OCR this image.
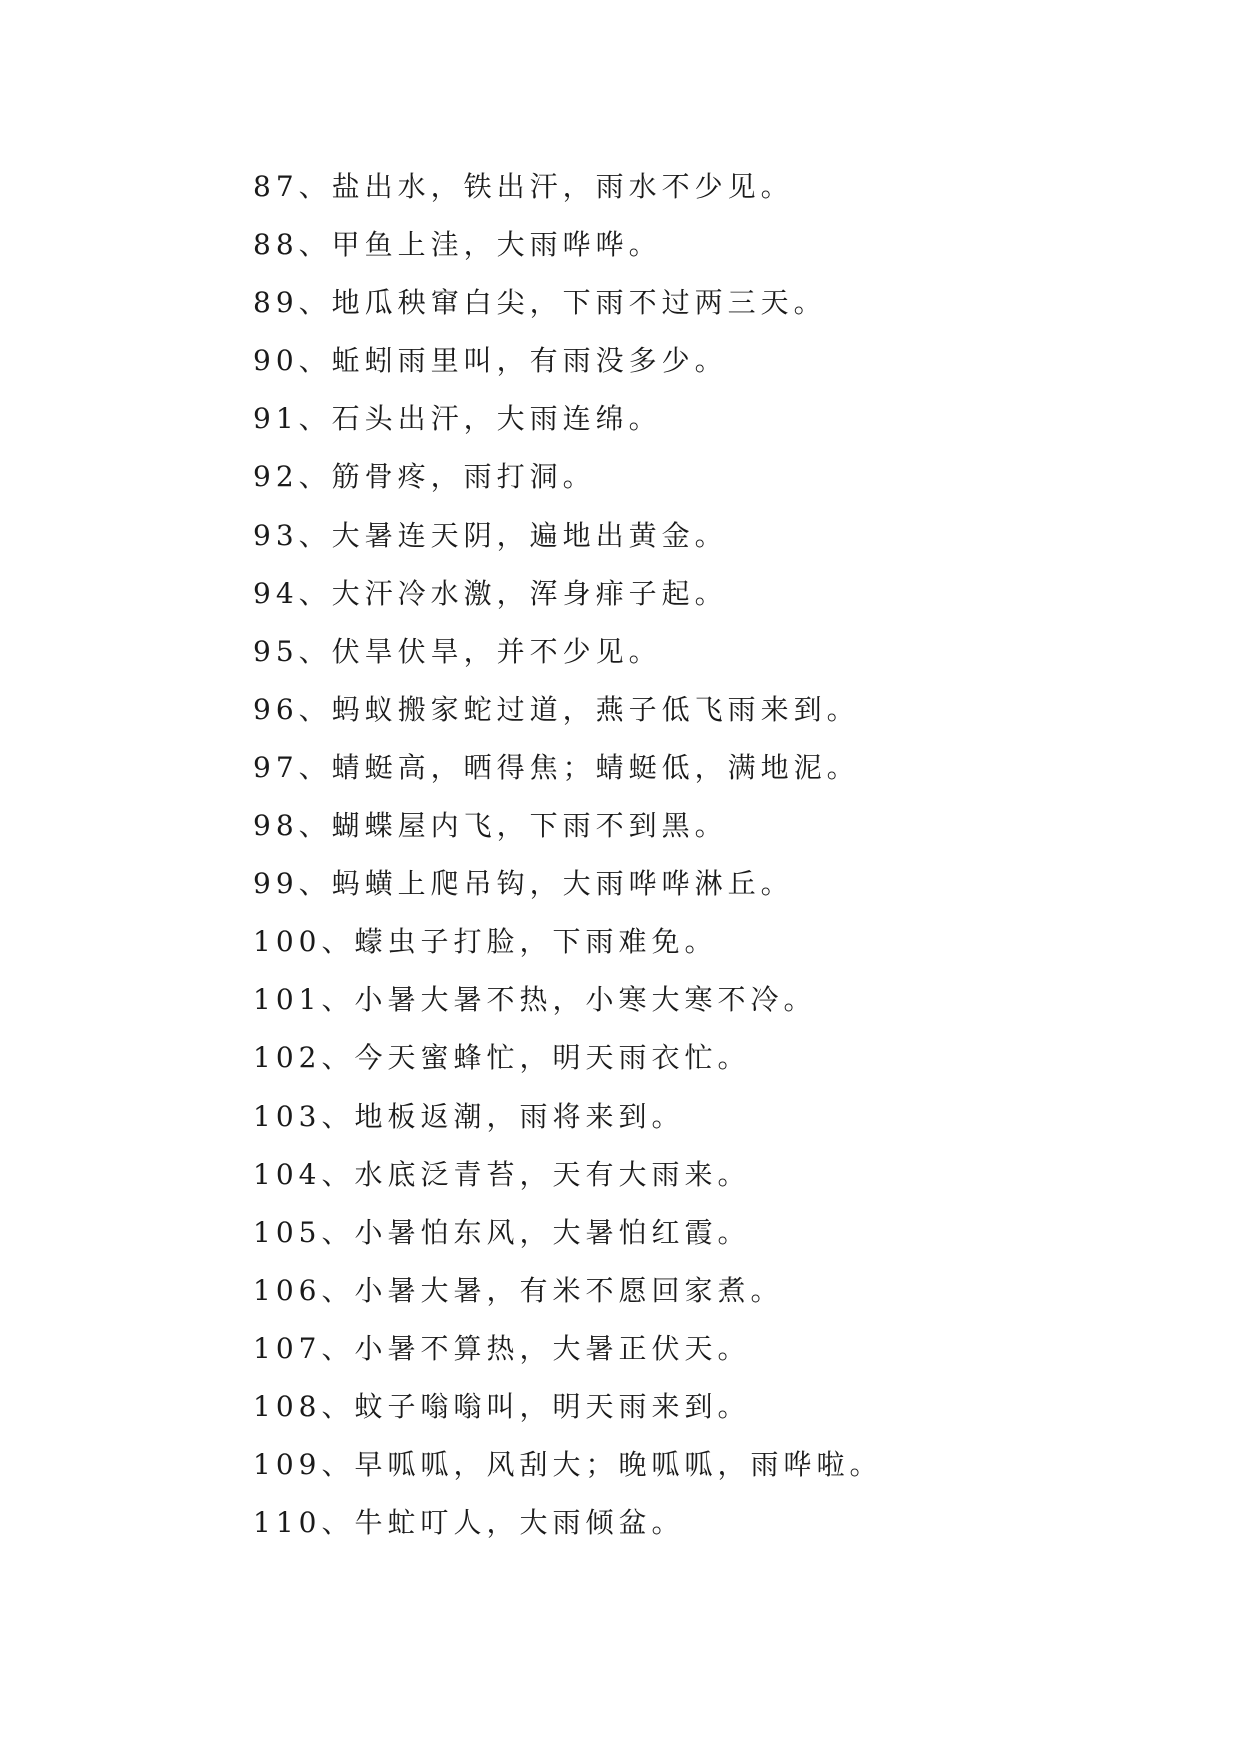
87、盐出水，铁出汗，雨水不少见。
88、甲鱼上洼，大雨哗哗。
89、地瓜秧窜白尖，下雨不过两三天。
90、蚯蚓雨里叫，有雨没多少。
91、石头出汗，大雨连绵。
92、筋骨疼，雨打洞。
93、大暑连天阴，遍地出黄金。
94、大汗冷水激，浑身痱子起。
95、伏旱伏旱，并不少见。
96、蚂蚁搬家蛇过道，燕子低飞雨来到。
97、蜻蜓高，晒得焦；蜻蜓低，满地泥。
98、蝴蝶屋内飞，下雨不到黑。
99、蚂蟥上爬吊钩，大雨哗哗淋丘。
100、蠓虫子打脸，下雨难免。
101、小暑大暑不热，小寒大寒不冷。
102、今天蜜蜂忙，明天雨衣忙。
103、地板返潮，雨将来到。
104、水底泛青苔，天有大雨来。
105、小暑怕东风，大暑怕红霞。
106、小暑大暑，有米不愿回家煮。
107、小暑不算热，大暑正伏天。
108、蚊子嗡嗡叫，明天雨来到。
109、早呱呱，风刮大；晚呱呱，雨哗啦。
110、牛虻叮人，大雨倾盆。
